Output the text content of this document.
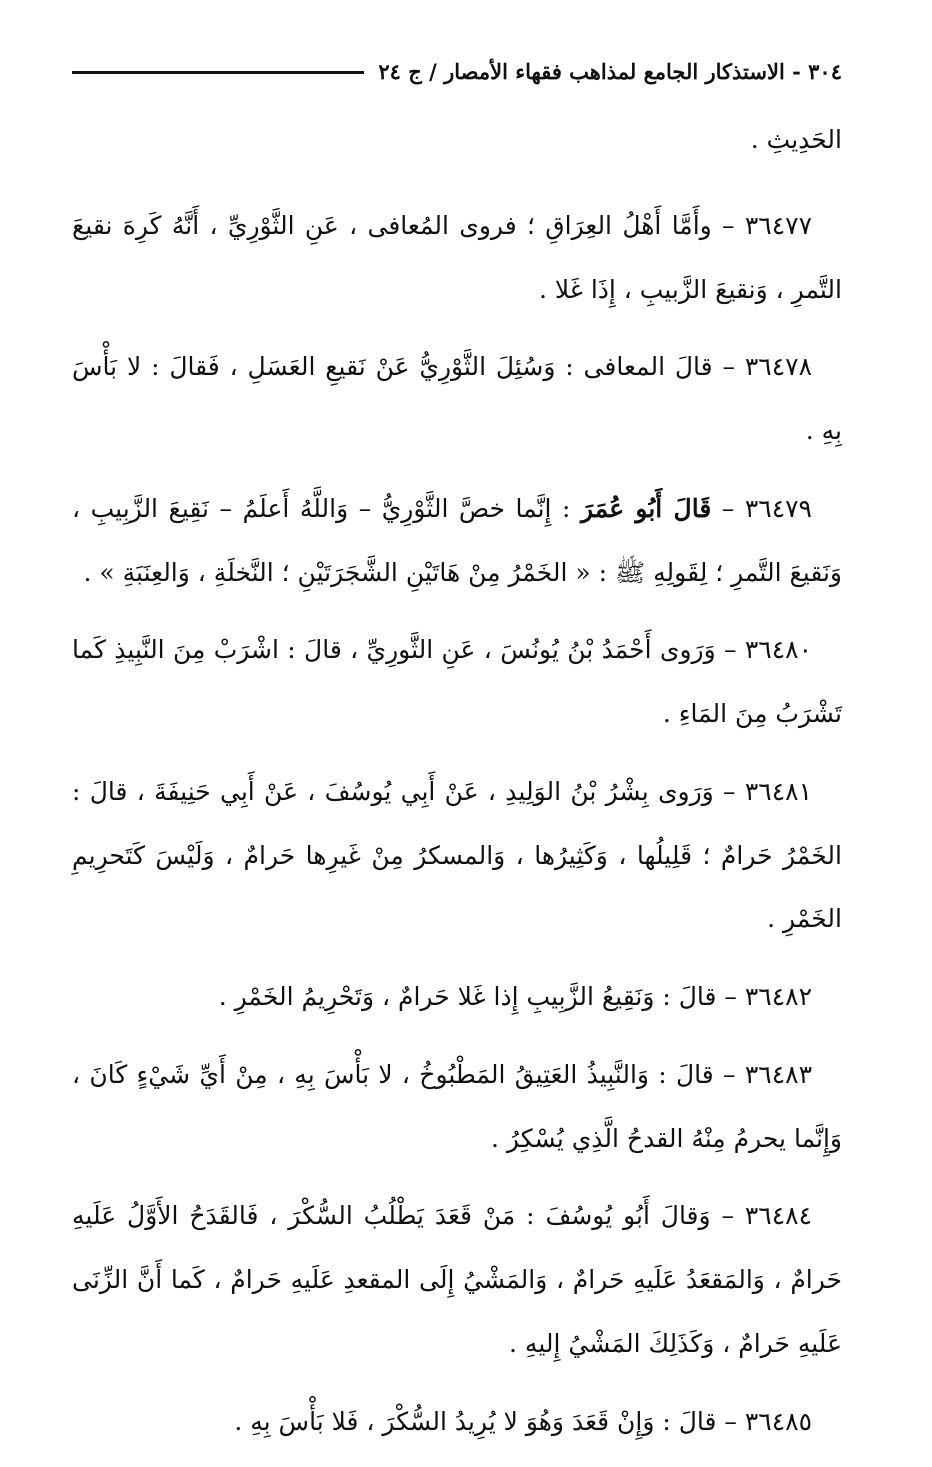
٣٠٤ - الاستذكار الجامع لمذاهب فقهاء الأمصار / ج ٢٤

الحَدِيثِ .

٣٦٤٧٧ – وأَمَّا أَهْلُ العِرَاقِ ؛ فروى المُعافى ، عَنِ الثَّوْرِيِّ ، أَنَّهُ كَرِهَ نقيعَ التَّمرِ ، وَنقيعَ الزَّبيبِ ، إِذَا غَلا .

٣٦٤٧٨ – قالَ المعافى : وَسُئِلَ الثَّوْرِيُّ عَنْ نَقيعِ العَسَلِ ، فَقالَ : لا بَأْسَ بِهِ .

٣٦٤٧٩ – قَالَ أَبُو عُمَرَ : إِنَّما خصَّ الثَّوْرِيُّ – وَاللَّهُ أَعلَمُ – نَقِيعَ الزَّبِيبِ ، وَنَقيعَ التَّمرِ ؛ لِقَولِهِ ﷺ : « الخَمْرُ مِنْ هَاتَيْنِ الشَّجَرَتَيْنِ ؛ النَّخلَةِ ، وَالعِنَبَةِ » .

٣٦٤٨٠ – وَرَوى أَحْمَدُ بْنُ يُونُسَ ، عَنِ الثَّورِيِّ ، قالَ : اشْرَبْ مِنَ النَّبِيذِ كَما تَشْرَبُ مِنَ المَاءِ .

٣٦٤٨١ – وَرَوى بِشْرُ بْنُ الوَلِيدِ ، عَنْ أَبِي يُوسُفَ ، عَنْ أَبِي حَنِيفَةَ ، قالَ : الخَمْرُ حَرامٌ ؛ قَلِيلُها ، وَكَثِيرُها ، وَالمسكرُ مِنْ غَيرِها حَرامٌ ، وَلَيْسَ كَتَحرِيمِ الخَمْرِ .

٣٦٤٨٢ – قالَ : وَنَقِيعُ الزَّبِيبِ إِذا غَلا حَرامٌ ، وَتَحْرِيمُ الخَمْرِ .

٣٦٤٨٣ – قالَ : وَالنَّبِيذُ العَتِيقُ المَطْبُوخُ ، لا بَأْسَ بِهِ ، مِنْ أَيِّ شَيْءٍ كَانَ ، وَإِنَّما يحرمُ مِنْهُ القدحُ الَّذِي يُسْكِرُ .

٣٦٤٨٤ – وَقالَ أَبُو يُوسُفَ : مَنْ قَعَدَ يَطْلُبُ السُّكْرَ ، فَالقَدَحُ الأَوَّلُ عَلَيهِ حَرامٌ ، وَالمَقعَدُ عَلَيهِ حَرامٌ ، وَالمَشْيُ إِلَى المقعدِ عَلَيهِ حَرامٌ ، كَما أَنَّ الزِّنَى عَلَيهِ حَرامٌ ، وَكَذَلِكَ المَشْيُ إِليهِ .

٣٦٤٨٥ – قالَ : وَإِنْ قَعَدَ وَهُوَ لا يُرِيدُ السُّكْرَ ، فَلا بَأْسَ بِهِ .
